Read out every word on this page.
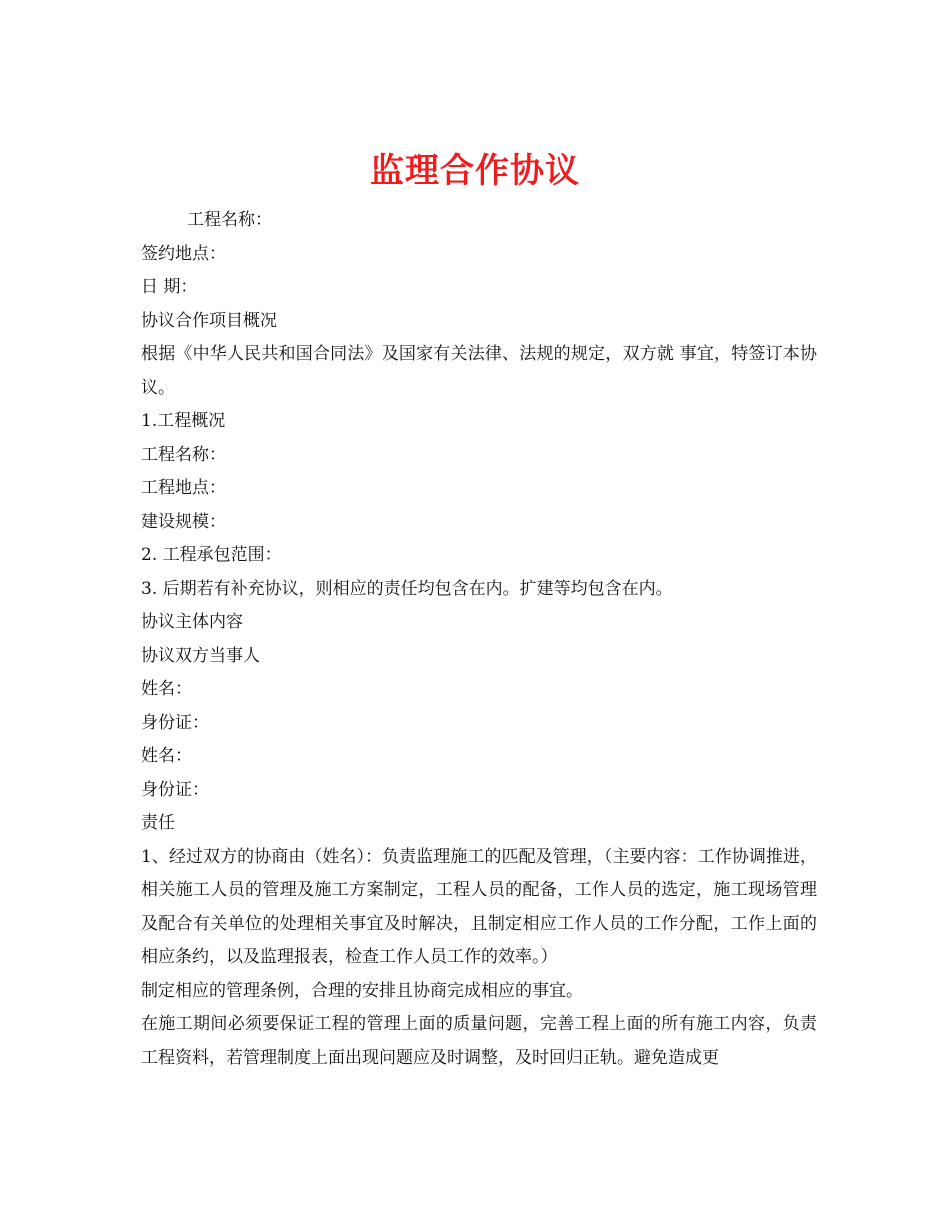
监理合作协议

工程名称：

签约地点：

日 期：

协议合作项目概况

根据《中华人民共和国合同法》及国家有关法律、法规的规定，双方就 事宜，特签订本协议。

1.工程概况

工程名称：

工程地点：

建设规模：

2. 工程承包范围：

3. 后期若有补充协议，则相应的责任均包含在内。扩建等均包含在内。

协议主体内容

协议双方当事人

姓名：

身份证：

姓名：

身份证：

责任

1、经过双方的协商由（姓名）：负责监理施工的匹配及管理，（主要内容：工作协调推进，相关施工人员的管理及施工方案制定，工程人员的配备，工作人员的选定，施工现场管理及配合有关单位的处理相关事宜及时解决，且制定相应工作人员的工作分配，工作上面的相应条约，以及监理报表，检查工作人员工作的效率。）

制定相应的管理条例，合理的安排且协商完成相应的事宜。

在施工期间必须要保证工程的管理上面的质量问题，完善工程上面的所有施工内容，负责工程资料，若管理制度上面出现问题应及时调整，及时回归正轨。避免造成更
